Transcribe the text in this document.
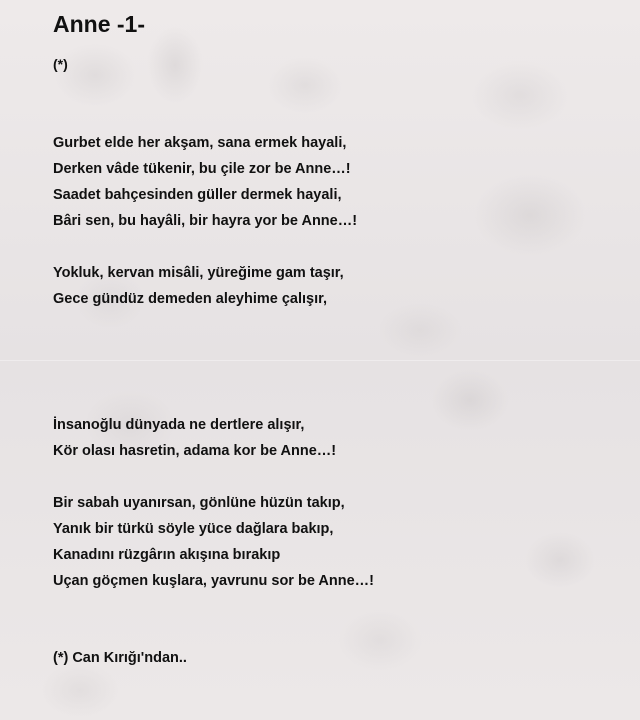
Anne -1-
(*)
Gurbet elde her akşam, sana ermek hayali,
Derken vâde tükenir, bu çile zor be Anne…!
Saadet bahçesinden güller dermek hayali,
Bâri sen, bu hayâli, bir hayra yor be Anne…!
Yokluk, kervan misâli, yüreğime gam taşır,
Gece gündüz demeden aleyhime çalışır,
İnsanoğlu dünyada ne dertlere alışır,
Kör olası hasretin, adama kor be Anne…!
Bir sabah uyanırsan, gönlüne hüzün takıp,
Yanık bir türkü söyle yüce dağlara bakıp,
Kanadını rüzgârın akışına bırakıp
Uçan göçmen kuşlara, yavrunu sor be Anne…!
(*) Can Kırığı'ndan..
